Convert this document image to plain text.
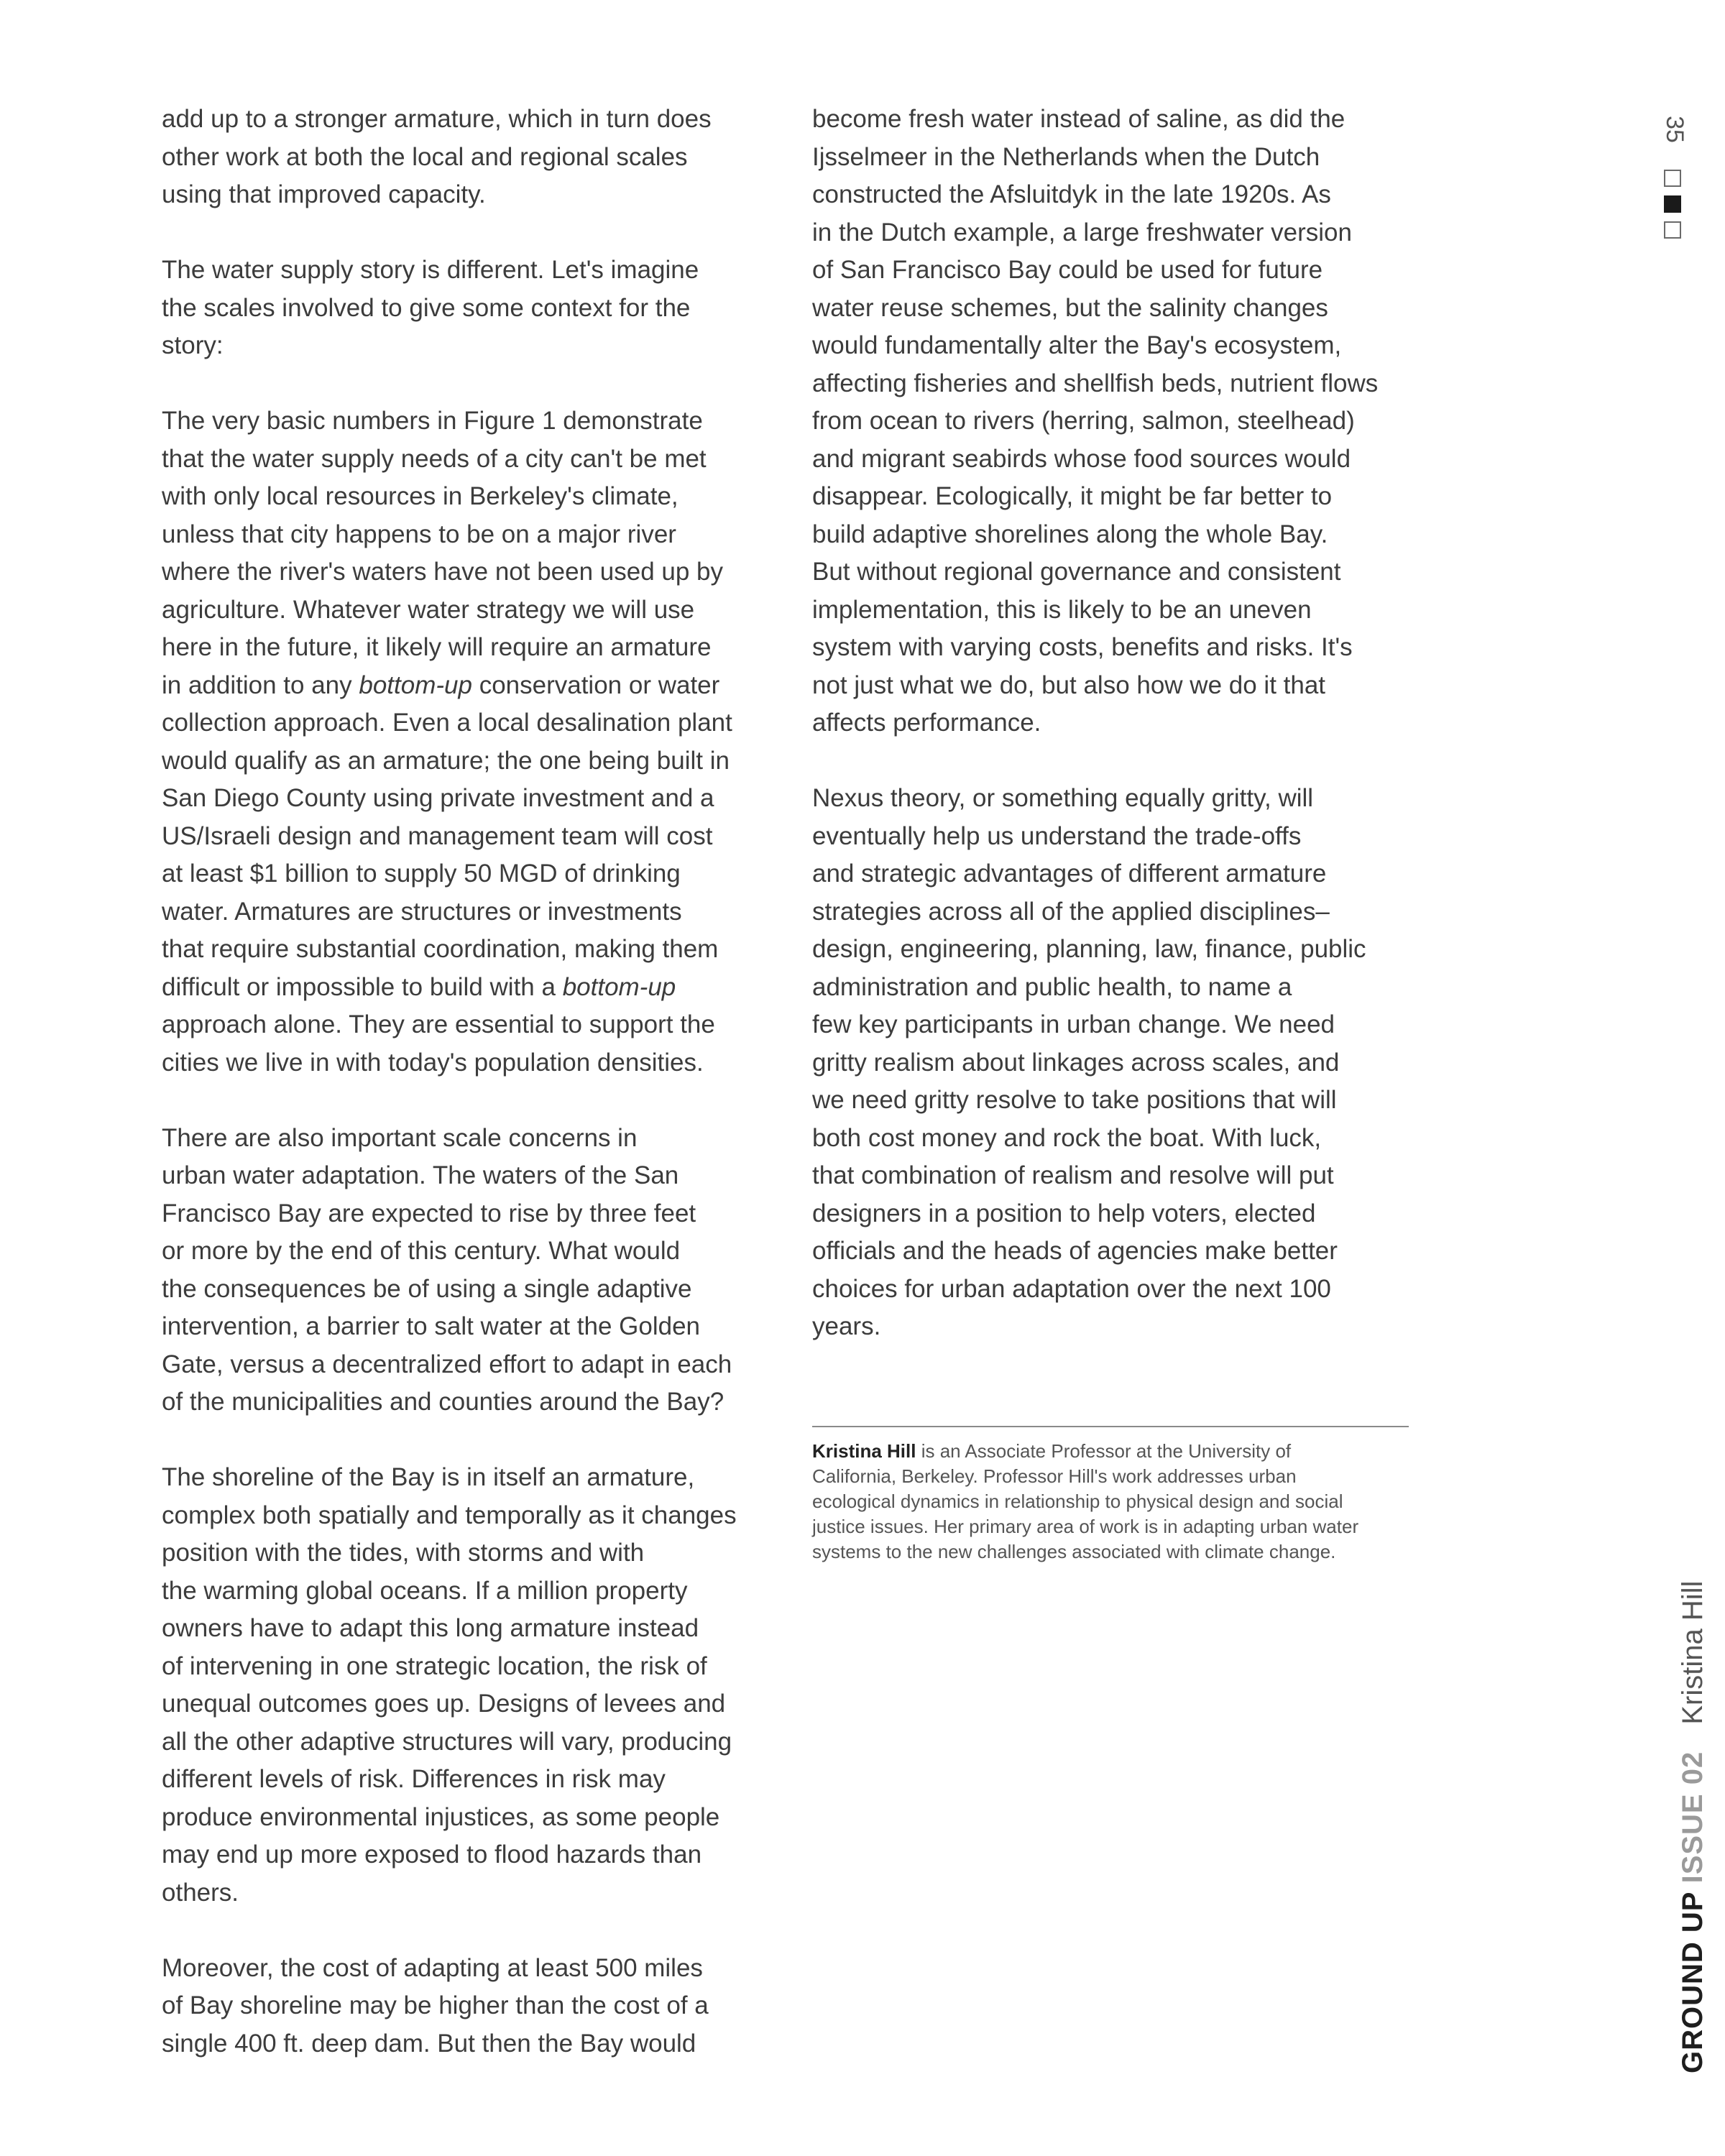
add up to a stronger armature, which in turn does
other work at both the local and regional scales
using that improved capacity.

The water supply story is different. Let's imagine
the scales involved to give some context for the
story:

The very basic numbers in Figure 1 demonstrate
that the water supply needs of a city can't be met
with only local resources in Berkeley's climate,
unless that city happens to be on a major river
where the river's waters have not been used up by
agriculture. Whatever water strategy we will use
here in the future, it likely will require an armature
in addition to any bottom-up conservation or water
collection approach. Even a local desalination plant
would qualify as an armature; the one being built in
San Diego County using private investment and a
US/Israeli design and management team will cost
at least $1 billion to supply 50 MGD of drinking
water. Armatures are structures or investments
that require substantial coordination, making them
difficult or impossible to build with a bottom-up
approach alone. They are essential to support the
cities we live in with today's population densities.

There are also important scale concerns in
urban water adaptation. The waters of the San
Francisco Bay are expected to rise by three feet
or more by the end of this century. What would
the consequences be of using a single adaptive
intervention, a barrier to salt water at the Golden
Gate, versus a decentralized effort to adapt in each
of the municipalities and counties around the Bay?

The shoreline of the Bay is in itself an armature,
complex both spatially and temporally as it changes
position with the tides, with storms and with
the warming global oceans. If a million property
owners have to adapt this long armature instead
of intervening in one strategic location, the risk of
unequal outcomes goes up. Designs of levees and
all the other adaptive structures will vary, producing
different levels of risk. Differences in risk may
produce environmental injustices, as some people
may end up more exposed to flood hazards than
others.

Moreover, the cost of adapting at least 500 miles
of Bay shoreline may be higher than the cost of a
single 400 ft. deep dam. But then the Bay would

become fresh water instead of saline, as did the
Ijsselmeer in the Netherlands when the Dutch
constructed the Afsluitdyk in the late 1920s. As
in the Dutch example, a large freshwater version
of San Francisco Bay could be used for future
water reuse schemes, but the salinity changes
would fundamentally alter the Bay's ecosystem,
affecting fisheries and shellfish beds, nutrient flows
from ocean to rivers (herring, salmon, steelhead)
and migrant seabirds whose food sources would
disappear. Ecologically, it might be far better to
build adaptive shorelines along the whole Bay.
But without regional governance and consistent
implementation, this is likely to be an uneven
system with varying costs, benefits and risks. It's
not just what we do, but also how we do it that
affects performance.

Nexus theory, or something equally gritty, will
eventually help us understand the trade-offs
and strategic advantages of different armature
strategies across all of the applied disciplines–
design, engineering, planning, law, finance, public
administration and public health, to name a
few key participants in urban change. We need
gritty realism about linkages across scales, and
we need gritty resolve to take positions that will
both cost money and rock the boat. With luck,
that combination of realism and resolve will put
designers in a position to help voters, elected
officials and the heads of agencies make better
choices for urban adaptation over the next 100
years.

Kristina Hill is an Associate Professor at the University of
California, Berkeley. Professor Hill's work addresses urban
ecological dynamics in relationship to physical design and social
justice issues. Her primary area of work is in adapting urban water
systems to the new challenges associated with climate change.
35
GROUND UP ISSUE 02 Kristina Hill
